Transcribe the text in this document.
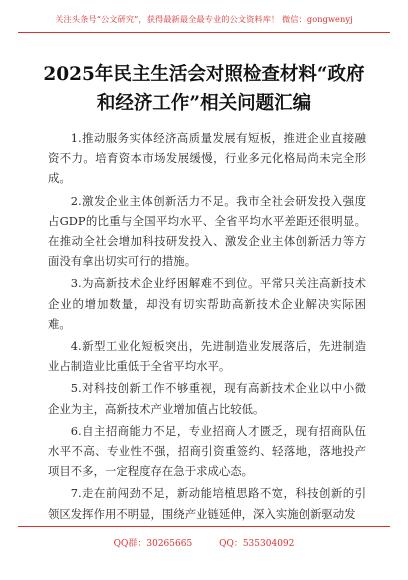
关注头条号“公文研究”，获得最新最全最专业的公文资料库！ 微信：gongwenyj
2025年民主生活会对照检查材料“政府
和经济工作”相关问题汇编

1.推动服务实体经济高质量发展有短板，推进企业直接融资不力。培育资本市场发展缓慢，行业多元化格局尚未完全形成。

2.激发企业主体创新活力不足。我市全社会研发投入强度占GDP的比重与全国平均水平、全省平均水平差距还很明显。在推动全社会增加科技研发投入、激发企业主体创新活力等方面没有拿出切实可行的措施。

3.为高新技术企业纾困解难不到位。平常只关注高新技术企业的增加数量，却没有切实帮助高新技术企业解决实际困难。

4.新型工业化短板突出，先进制造业发展落后，先进制造业占制造业比重低于全省平均水平。

5.对科技创新工作不够重视，现有高新技术企业以中小微企业为主，高新技术产业增加值占比较低。

6.自主招商能力不足，专业招商人才匮乏，现有招商队伍水平不高、专业性不强，招商引资重签约、轻落地，落地投产项目不多，一定程度存在急于求成心态。

7.走在前闯劲不足，新动能培植思路不宽，科技创新的引领区发挥作用不明显，围绕产业链延伸，深入实施创新驱动发

QQ群：30265665	QQ：535304092
